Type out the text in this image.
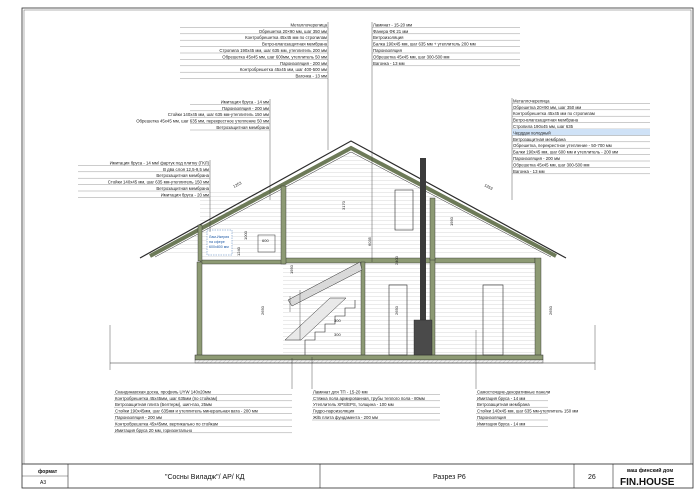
1253	1253
3170
6035
2650	2650	2650
1950
2400
1000
600
300
300
1240
1950
Лам-Икерия
на сфере
600х800 мм
Металлочерепица
Обрешетка 20×90 мм, шаг 350 мм
Контробрешетка 45х45 мм по стропилам
Ветро-влагозащитная мембрана
Стропила 190х45 мм, шаг 635 мм, утеплитель 200 мм
Обрешетка 45х45 мм, шаг 600мм, утеплитель 50 мм
Пароизоляция - 200 мм
Контробрешетка 45х45 мм, шаг 400-500 мм
Вагонка - 13 мм
Ламинат - 15-20 мм
Фанера ФК 21 мм
Ветроизоляция
Балка 190х45 мм, шаг 635 мм + утеплитель 200 мм
Пароизоляция
Обрешетка 45х45 мм, шаг 300-500 мм
Вагонка - 13 мм
Имитация бруса - 14 мм
Пароизоляция - 200 мм
Стойки 140х45 мм, шаг 635 мм-утеплитель 150 мм
Обрешетка 45х45 мм, шаг 635 мм, перекрестное утепление 50 мм
Ветрозащитная мембрана
Имитация бруса - 14 мм/ фартук под плитку (ГКЛ)
В два слоя 12,5-9,5 мм
Ветрозащитная мембрана
Стойки 140х45 мм, шаг 635 мм-утеплитель 150 мм
Ветрозащитная мембрана
Имитация бруса - 20 мм
Металлочерепица
Обрешетка 20×90 мм, шаг 350 мм
Контробрешетка 45х45 мм по стропилам
Ветро-влагозащитная мембрана
Стропила 190х45 мм, шаг 635
Черддак холодный
Ветрозащитная мембрана
Обрешетка, перекрестное утепление - 50-700 мм
Балки 190х45 мм, шаг 600 мм и утеплитель - 200 мм
Пароизоляция - 200 мм
Обрешетка 45х45 мм, шаг 300-500 мм
Вагонка - 13 мм
Скандинавская доска, профиль UYW 140х20мм
Контробрешетка 45х45мм, шаг 635мм (по стойкам)
Ветрозащитная плита (Белтерм), шип-паз, 25мм
Стойки 190х45мм, шаг 635мм и утеплитель минеральная вата - 200 мм
Пароизоляция - 200 мм
Контробрешетка 45х45мм, вертикально по стойкам
Имитация бруса 20 мм, горизонтально
Ламинат для ТП - 15-20 мм
Стяжка пола армированная, трубы теплого пола - 80мм
Утеплитель XPS/EPS, толщина - 100 мм
Гидро-пароизоляция
Ж/Б плита фундамента - 200 мм
Самостоящие-декоративные панели
Имитация бруса - 14 мм
Ветрозащитная мембрана
Стойки 140х45 мм, шаг 635 мм-утеплитель 150 мм
Пароизоляция
Имитация бруса - 14 мм
формат
А3
"Сосны Виладж"/ АР/ КД	Разрез Р6	26
ваш финский дом
FIN.HOUSE
